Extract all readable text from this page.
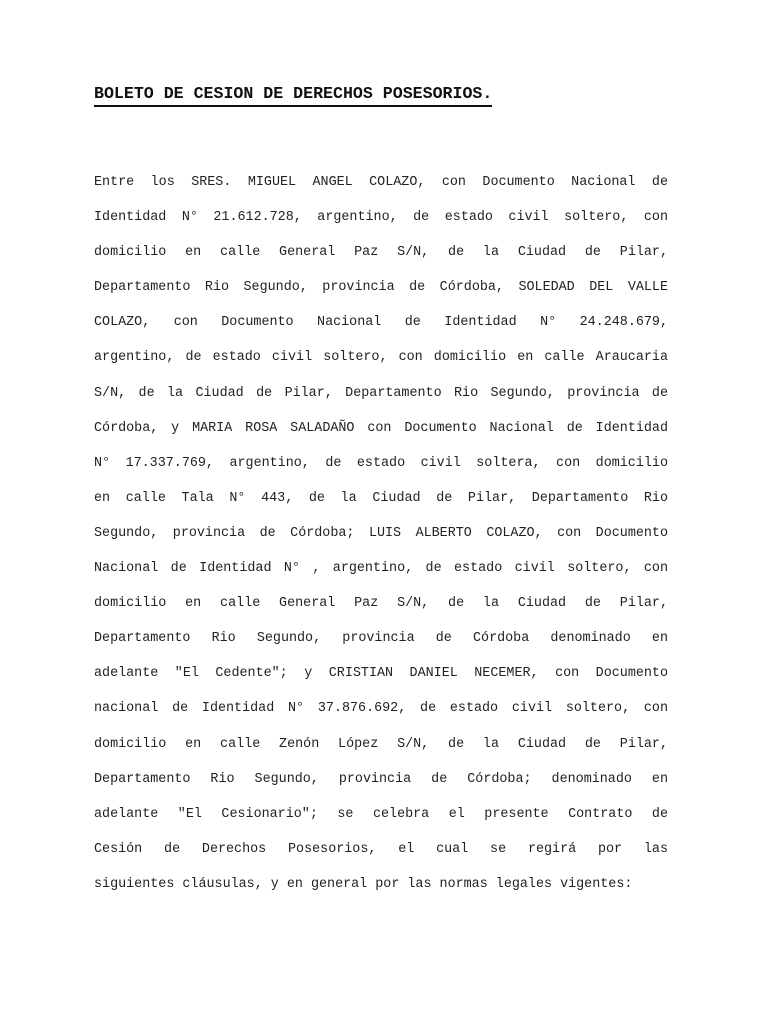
BOLETO DE CESION DE DERECHOS POSESORIOS.
Entre los SRES. MIGUEL ANGEL COLAZO, con Documento Nacional de
Identidad N° 21.612.728, argentino, de estado civil soltero, con
domicilio en calle General Paz S/N, de la Ciudad de Pilar,
Departamento Rio Segundo, provincia de Córdoba, SOLEDAD DEL VALLE
COLAZO, con Documento Nacional de Identidad N° 24.248.679,
argentino, de estado civil soltero, con domicilio en calle Araucaria
S/N, de la Ciudad de Pilar, Departamento Rio Segundo, provincia de
Córdoba, y MARIA ROSA SALADAÑO con Documento Nacional de Identidad
N° 17.337.769, argentino, de estado civil soltera, con domicilio
en calle Tala N° 443, de la Ciudad de Pilar, Departamento Rio
Segundo, provincia de Córdoba; LUIS ALBERTO COLAZO, con Documento
Nacional de Identidad N° , argentino, de estado civil soltero, con
domicilio en calle General Paz S/N, de la Ciudad de Pilar,
Departamento Rio Segundo, provincia de Córdoba denominado en
adelante "El Cedente"; y CRISTIAN DANIEL NECEMER, con Documento
nacional de Identidad N° 37.876.692, de estado civil soltero, con
domicilio en calle Zenón López S/N, de la Ciudad de Pilar,
Departamento Rio Segundo, provincia de Córdoba; denominado en
adelante "El Cesionario"; se celebra el presente Contrato de
Cesión de Derechos Posesorios, el cual se regirá por las
siguientes cláusulas, y en general por las normas legales vigentes:
